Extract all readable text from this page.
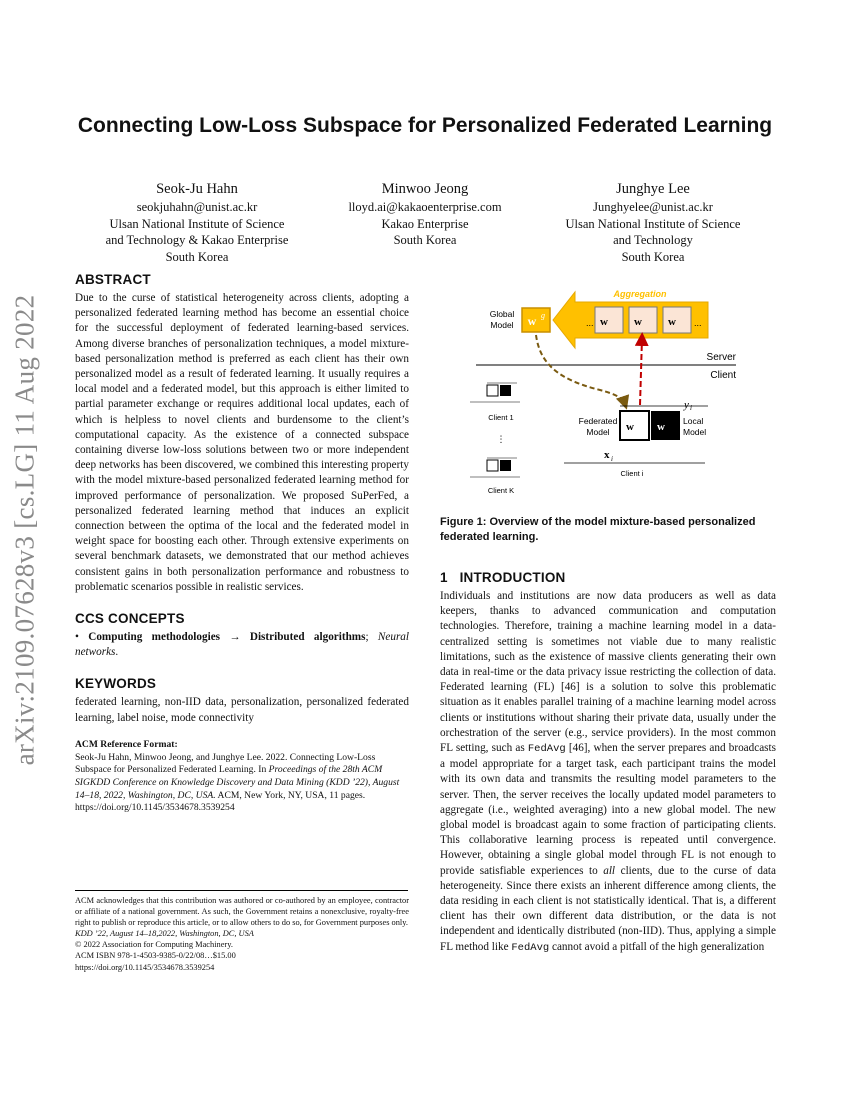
arXiv:2109.07628v3 [cs.LG] 11 Aug 2022
Connecting Low-Loss Subspace for Personalized Federated Learning
Seok-Ju Hahn
seokjuhahn@unist.ac.kr
Ulsan National Institute of Science
and Technology & Kakao Enterprise
South Korea
Minwoo Jeong
lloyd.ai@kakaoenterprise.com
Kakao Enterprise
South Korea
Junghye Lee
Junghyelee@unist.ac.kr
Ulsan National Institute of Science
and Technology
South Korea
ABSTRACT

Due to the curse of statistical heterogeneity across clients, adopting a personalized federated learning method has become an essential choice for the successful deployment of federated learning-based services. Among diverse branches of personalization techniques, a model mixture-based personalization method is preferred as each client has their own personalized model as a result of federated learning. It usually requires a local model and a federated model, but this approach is either limited to partial parameter exchange or requires additional local updates, each of which is helpless to novel clients and burdensome to the client’s computational capacity. As the existence of a connected subspace containing diverse low-loss solutions between two or more independent deep networks has been discovered, we combined this interesting property with the model mixture-based personalized federated learning method for improved performance of personalization. We proposed SuPerFed, a personalized federated learning method that induces an explicit connection between the optima of the local and the federated model in weight space for boosting each other. Through extensive experiments on several benchmark datasets, we demonstrated that our method achieves consistent gains in both personalization performance and robustness to problematic scenarios possible in realistic services.

CCS CONCEPTS

• Computing methodologies → Distributed algorithms; Neural networks.

KEYWORDS

federated learning, non-IID data, personalization, personalized federated learning, label noise, mode connectivity

ACM Reference Format:

Seok-Ju Hahn, Minwoo Jeong, and Junghye Lee. 2022. Connecting Low-Loss Subspace for Personalized Federated Learning. In Proceedings of the 28th ACM SIGKDD Conference on Knowledge Discovery and Data Mining (KDD ’22), August 14–18, 2022, Washington, DC, USA. ACM, New York, NY, USA, 11 pages. https://doi.org/10.1145/3534678.3539254

ACM acknowledges that this contribution was authored or co-authored by an employee, contractor or affiliate of a national government. As such, the Government retains a nonexclusive, royalty-free right to publish or reproduce this article, or to allow others to do so, for Government purposes only.

KDD ’22, August 14–18,2022, Washington, DC, USA

© 2022 Association for Computing Machinery.

ACM ISBN 978-1-4503-9385-0/22/08…$15.00

https://doi.org/10.1145/3534678.3539254

Aggregation
Global
Model w g
... w w w ...
Server
Client
Client 1
⋮
Client K
Federated
Model w w Local
Model
y i
x i
Client i
Figure 1: Overview of the model mixture-based personalized federated learning.
1 INTRODUCTION

Individuals and institutions are now data producers as well as data keepers, thanks to advanced communication and computation technologies. Therefore, training a machine learning model in a data-centralized setting is sometimes not viable due to many realistic limitations, such as the existence of massive clients generating their own data in real-time or the data privacy issue restricting the collection of data. Federated learning (FL) [46] is a solution to solve this problematic situation as it enables parallel training of a machine learning model across clients or institutions without sharing their private data, usually under the orchestration of the server (e.g., service providers). In the most common FL setting, such as FedAvg [46], when the server prepares and broadcasts a model appropriate for a target task, each participant trains the model with its own data and transmits the resulting model parameters to the server. Then, the server receives the locally updated model parameters to aggregate (i.e., weighted averaging) into a new global model. The new global model is broadcast again to some fraction of participating clients. This collaborative learning process is repeated until convergence. However, obtaining a single global model through FL is not enough to provide satisfiable experiences to all clients, due to the curse of data heterogeneity. Since there exists an inherent difference among clients, the data residing in each client is not statistically identical. That is, a different client has their own different data distribution, or the data is not independent and identically distributed (non-IID). Thus, applying a simple FL method like FedAvg cannot avoid a pitfall of the high generalization
